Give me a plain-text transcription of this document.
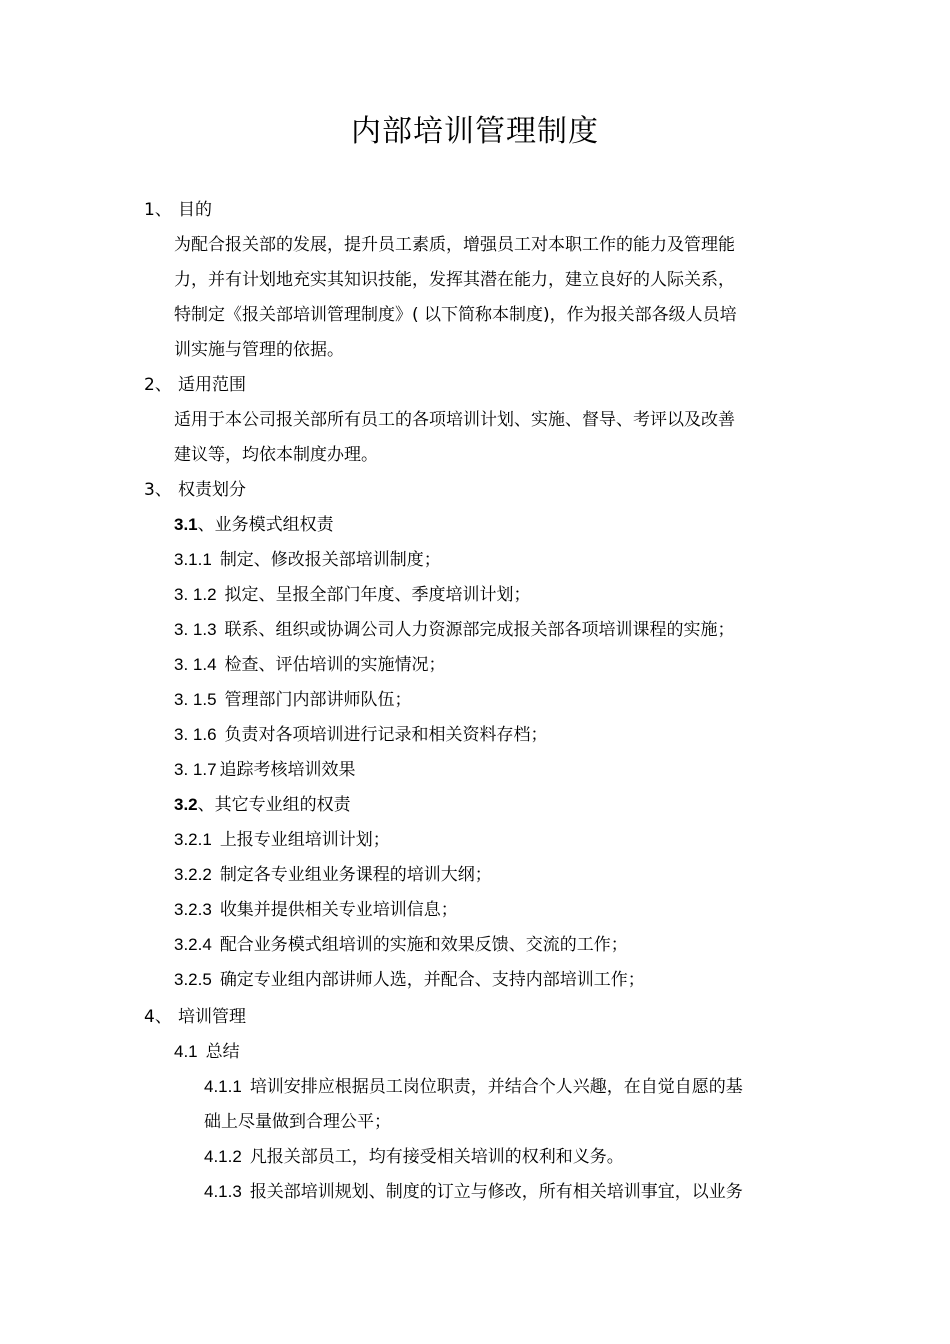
内部培训管理制度
1、 目的
为配合报关部的发展，提升员工素质，增强员工对本职工作的能力及管理能
力，并有计划地充实其知识技能，发挥其潜在能力，建立良好的人际关系，
特制定《报关部培训管理制度》( 以下简称本制度)，作为报关部各级人员培
训实施与管理的依据。
2、 适用范围
适用于本公司报关部所有员工的各项培训计划、实施、督导、考评以及改善
建议等，均依本制度办理。
3、 权责划分
3.1、业务模式组权责
3.1.1 制定、修改报关部培训制度；
3. 1.2 拟定、呈报全部门年度、季度培训计划；
3. 1.3 联系、组织或协调公司人力资源部完成报关部各项培训课程的实施；
3. 1.4 检查、评估培训的实施情况；
3. 1.5 管理部门内部讲师队伍；
3. 1.6 负责对各项培训进行记录和相关资料存档；
3. 1.7 追踪考核培训效果
3.2、其它专业组的权责
3.2.1 上报专业组培训计划；
3.2.2 制定各专业组业务课程的培训大纲；
3.2.3 收集并提供相关专业培训信息；
3.2.4 配合业务模式组培训的实施和效果反馈、交流的工作；
3.2.5 确定专业组内部讲师人选，并配合、支持内部培训工作；
4、 培训管理
4.1 总结
4.1.1 培训安排应根据员工岗位职责，并结合个人兴趣，在自觉自愿的基
础上尽量做到合理公平；
4.1.2 凡报关部员工，均有接受相关培训的权利和义务。
4.1.3 报关部培训规划、制度的订立与修改，所有相关培训事宜，以业务
